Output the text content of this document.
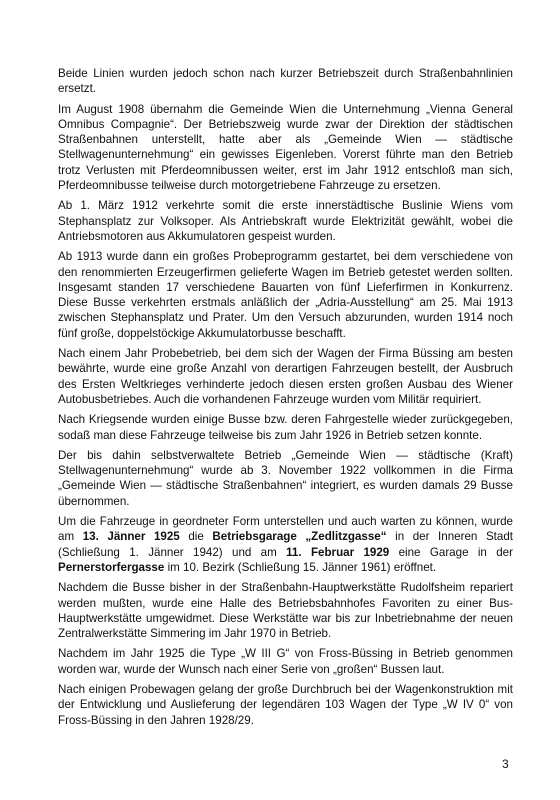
Beide Linien wurden jedoch schon nach kurzer Betriebszeit durch Straßenbahnlinien ersetzt.

Im August 1908 übernahm die Gemeinde Wien die Unternehmung „Vienna General Omnibus Compagnie“. Der Betriebszweig wurde zwar der Direktion der städtischen Straßenbahnen unterstellt, hatte aber als „Gemeinde Wien — städtische Stellwagenunternehmung“ ein gewisses Eigenleben. Vorerst führte man den Betrieb trotz Verlusten mit Pferdeomnibussen weiter, erst im Jahr 1912 entschloß man sich, Pferdeomnibusse teilweise durch motorgetriebene Fahrzeuge zu ersetzen.

Ab 1. März 1912 verkehrte somit die erste innerstädtische Buslinie Wiens vom Stephansplatz zur Volksoper. Als Antriebskraft wurde Elektrizität gewählt, wobei die Antriebsmotoren aus Akkumulatoren gespeist wurden.

Ab 1913 wurde dann ein großes Probeprogramm gestartet, bei dem verschiedene von den renommierten Erzeugerfirmen gelieferte Wagen im Betrieb getestet werden sollten. Insgesamt standen 17 verschiedene Bauarten von fünf Lieferfirmen in Konkurrenz. Diese Busse verkehrten erstmals anläßlich der „Adria-Ausstellung“ am 25. Mai 1913 zwischen Stephansplatz und Prater. Um den Versuch abzurunden, wurden 1914 noch fünf große, doppelstöckige Akkumulatorbusse beschafft.

Nach einem Jahr Probebetrieb, bei dem sich der Wagen der Firma Büssing am besten bewährte, wurde eine große Anzahl von derartigen Fahrzeugen bestellt, der Ausbruch des Ersten Weltkrieges verhinderte jedoch diesen ersten großen Ausbau des Wiener Autobusbetriebes. Auch die vorhandenen Fahrzeuge wurden vom Militär requiriert.

Nach Kriegsende wurden einige Busse bzw. deren Fahrgestelle wieder zurückgegeben, sodaß man diese Fahrzeuge teilweise bis zum Jahr 1926 in Betrieb setzen konnte.

Der bis dahin selbstverwaltete Betrieb „Gemeinde Wien — städtische (Kraft) Stellwagenunternehmung“ wurde ab 3. November 1922 vollkommen in die Firma „Gemeinde Wien — städtische Straßenbahnen“ integriert, es wurden damals 29 Busse übernommen.

Um die Fahrzeuge in geordneter Form unterstellen und auch warten zu können, wurde am 13. Jänner 1925 die Betriebsgarage „Zedlitzgasse“ in der Inneren Stadt (Schließung 1. Jänner 1942) und am 11. Februar 1929 eine Garage in der Pernerstorfergasse im 10. Bezirk (Schließung 15. Jänner 1961) eröffnet.

Nachdem die Busse bisher in der Straßenbahn-Hauptwerkstätte Rudolfsheim repariert werden mußten, wurde eine Halle des Betriebsbahnhofes Favoriten zu einer Bus-Hauptwerkstätte umgewidmet. Diese Werkstätte war bis zur Inbetriebnahme der neuen Zentralwerkstätte Simmering im Jahr 1970 in Betrieb.

Nachdem im Jahr 1925 die Type „W III G“ von Fross-Büssing in Betrieb genommen worden war, wurde der Wunsch nach einer Serie von „großen“ Bussen laut.

Nach einigen Probewagen gelang der große Durchbruch bei der Wagenkonstruktion mit der Entwicklung und Auslieferung der legendären 103 Wagen der Type „W IV 0“ von Fross-Büssing in den Jahren 1928/29.

3
